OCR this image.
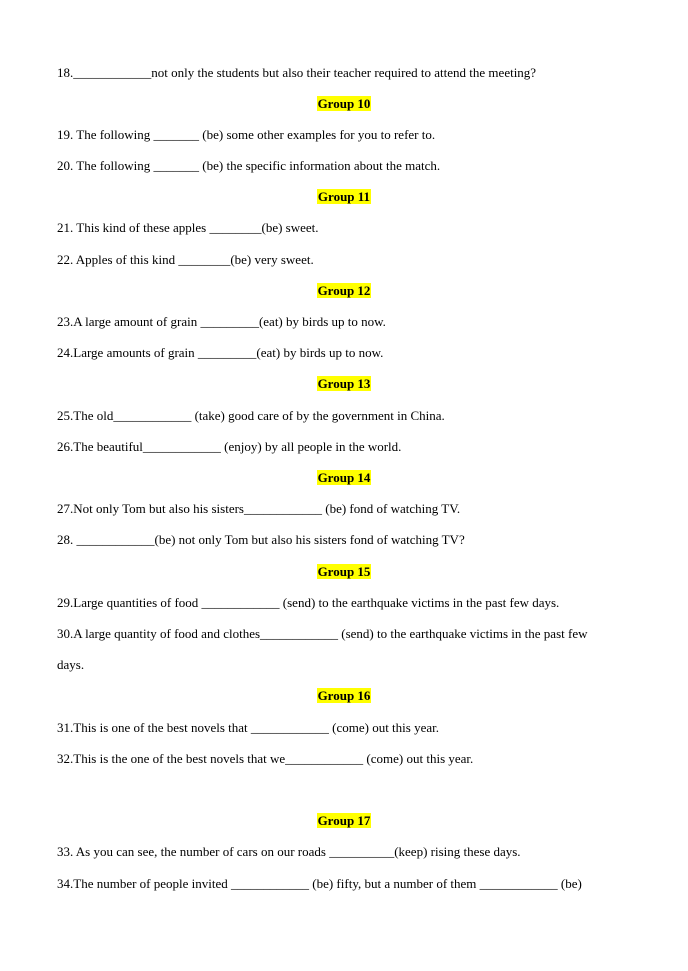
18.____________not only the students but also their teacher required to attend the meeting?
Group 10
19. The following _______ (be) some other examples for you to refer to.
20. The following _______ (be) the specific information about the match.
Group 11
21. This kind of these apples ________(be) sweet.
22. Apples of this kind ________(be) very sweet.
Group 12
23.A large amount of grain _________(eat) by birds up to now.
24.Large amounts of grain _________(eat) by birds up to now.
Group 13
25.The old____________ (take) good care of by the government in China.
26.The beautiful____________ (enjoy) by all people in the world.
Group 14
27.Not only Tom but also his sisters____________ (be) fond of watching TV.
28. ____________(be) not only Tom but also his sisters fond of watching TV?
Group 15
29.Large quantities of food ____________ (send) to the earthquake victims in the past few days.
30.A large quantity of food and clothes____________ (send) to the earthquake victims in the past few
days.
Group 16
31.This is one of the best novels that ____________ (come) out this year.
32.This is the one of the best novels that we____________ (come) out this year.
Group 17
33. As you can see, the number of cars on our roads __________(keep) rising these days.
34.The number of people invited ____________ (be) fifty, but a number of them ____________ (be)
